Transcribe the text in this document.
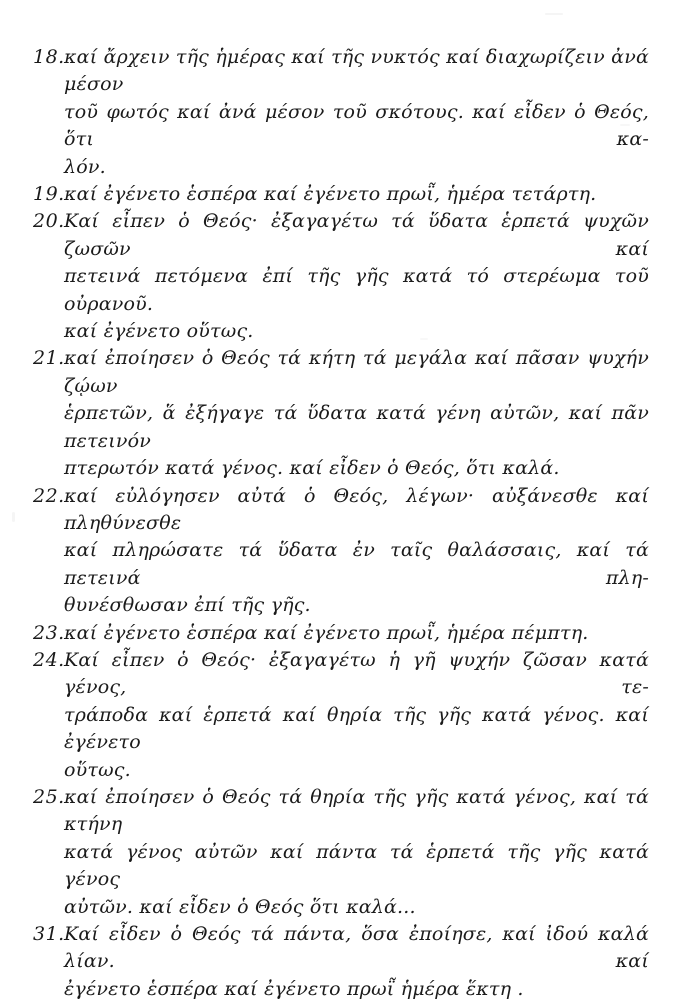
18. καί ἄρχειν τῆς ἡμέρας καί τῆς νυκτός καί διαχωρίζειν ἀνά μέσον
τοῦ φωτός καί ἀνά μέσον τοῦ σκότους. καί εἶδεν ὁ Θεός, ὅτι κα-
λόν.
19. καί ἐγένετο ἑσπέρα καί ἐγένετο πρωῗ, ἡμέρα τετάρτη.
20. Καί εἶπεν ὁ Θεός· ἐξαγαγέτω τά ὕδατα ἑρπετά ψυχῶν ζωσῶν καί
πετεινά πετόμενα ἐπί τῆς γῆς κατά τό στερέωμα τοῦ οὐρανοῦ.
καί ἐγένετο οὕτως.
21. καί ἐποίησεν ὁ Θεός τά κήτη τά μεγάλα καί πᾶσαν ψυχήν ζῴων
ἑρπετῶν, ἅ ἐξήγαγε τά ὕδατα κατά γένη αὐτῶν, καί πᾶν πετεινόν
πτερωτόν κατά γένος. καί εἶδεν ὁ Θεός, ὅτι καλά.
22. καί εὐλόγησεν αὐτά ὁ Θεός, λέγων· αὐξάνεσθε καί πληθύνεσθε
καί πληρώσατε τά ὕδατα ἐν ταῖς θαλάσσαις, καί τά πετεινά πλη-
θυνέσθωσαν ἐπί τῆς γῆς.
23. καί ἐγένετο ἑσπέρα καί ἐγένετο πρωῗ, ἡμέρα πέμπτη.
24. Καί εἶπεν ὁ Θεός· ἐξαγαγέτω ἡ γῆ ψυχήν ζῶσαν κατά γένος, τε-
τράποδα καί ἑρπετά καί θηρία τῆς γῆς κατά γένος. καί ἐγένετο
οὕτως.
25. καί ἐποίησεν ὁ Θεός τά θηρία τῆς γῆς κατά γένος, καί τά κτήνη
κατά γένος αὐτῶν καί πάντα τά ἑρπετά τῆς γῆς κατά γένος
αὐτῶν. καί εἶδεν ὁ Θεός ὅτι καλά...
31. Καί εἶδεν ὁ Θεός τά πάντα, ὅσα ἐποίησε, καί ἰδού καλά λίαν. καί
ἐγένετο ἑσπέρα καί ἐγένετο πρωῗ ἡμέρα ἕκτη .
